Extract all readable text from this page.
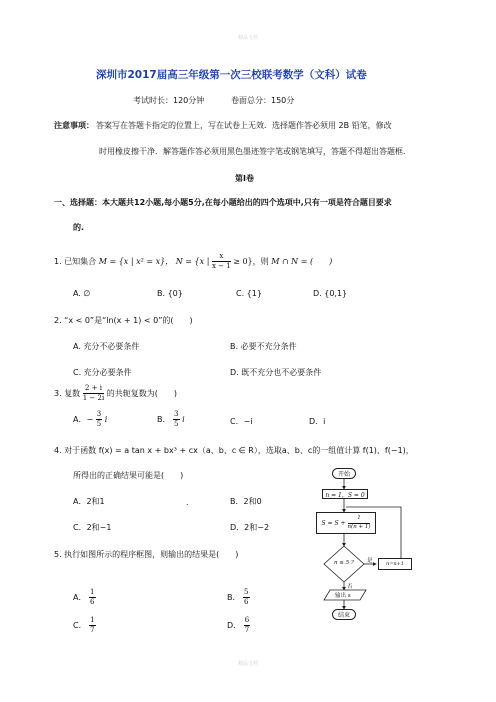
精品文档
精品文档
深圳市2017届高三年级第一次三校联考数学（文科）试卷
考试时长：120分钟	卷面总分：150分
注意事项： 答案写在答题卡指定的位置上，写在试卷上无效．选择题作答必须用 2B 铅笔，修改
时用橡皮擦干净．解答题作答必须用黑色墨迹签字笔或钢笔填写，答题不得超出答题框．
第Ⅰ卷
一、选择题：本大题共12小题,每小题5分,在每小题给出的四个选项中,只有一项是符合题目要求
的.
1. 已知集合 M = {x | x² = x}， N = {x | $\frac{x}{x - 1} \ge 0$}，则 M ∩ N = (　　)
A. ∅	B. {0}	C. {1}	D. {0,1}
2. “x < 0”是“ln(x + 1) < 0”的(　　)
A. 充分不必要条件	B. 必要不充分条件
C. 充分必要条件	D. 既不充分也不必要条件
3. 复数 $\frac{2 + i}{1 - 2i}$ 的共轭复数为(　　)
A．− $\frac{3}{5}$ i	B． $\frac{3}{5}$ i	C．−i	D．i
4. 对于函数 f(x) = a tan x + bx³ + cx（a、b、c ∈ R），选取a、b、c的一组值计算 f(1)、f(−1)，
所得出的正确结果可能是(　　)
A．2和1	.	B．2和0
C．2和−1	D．2和−2
5. 执行如图所示的程序框图，则输出的结果是(　　)
A． $\frac{1}{6}$	B． $\frac{5}{6}$
C． $\frac{1}{7}$	D． $\frac{6}{7}$
开始
n = 1，S = 0
$S = S + \frac{1}{n(n + 1)}$
n ≤ 5 ? 是
否
n=n+1
输出 s
结束
